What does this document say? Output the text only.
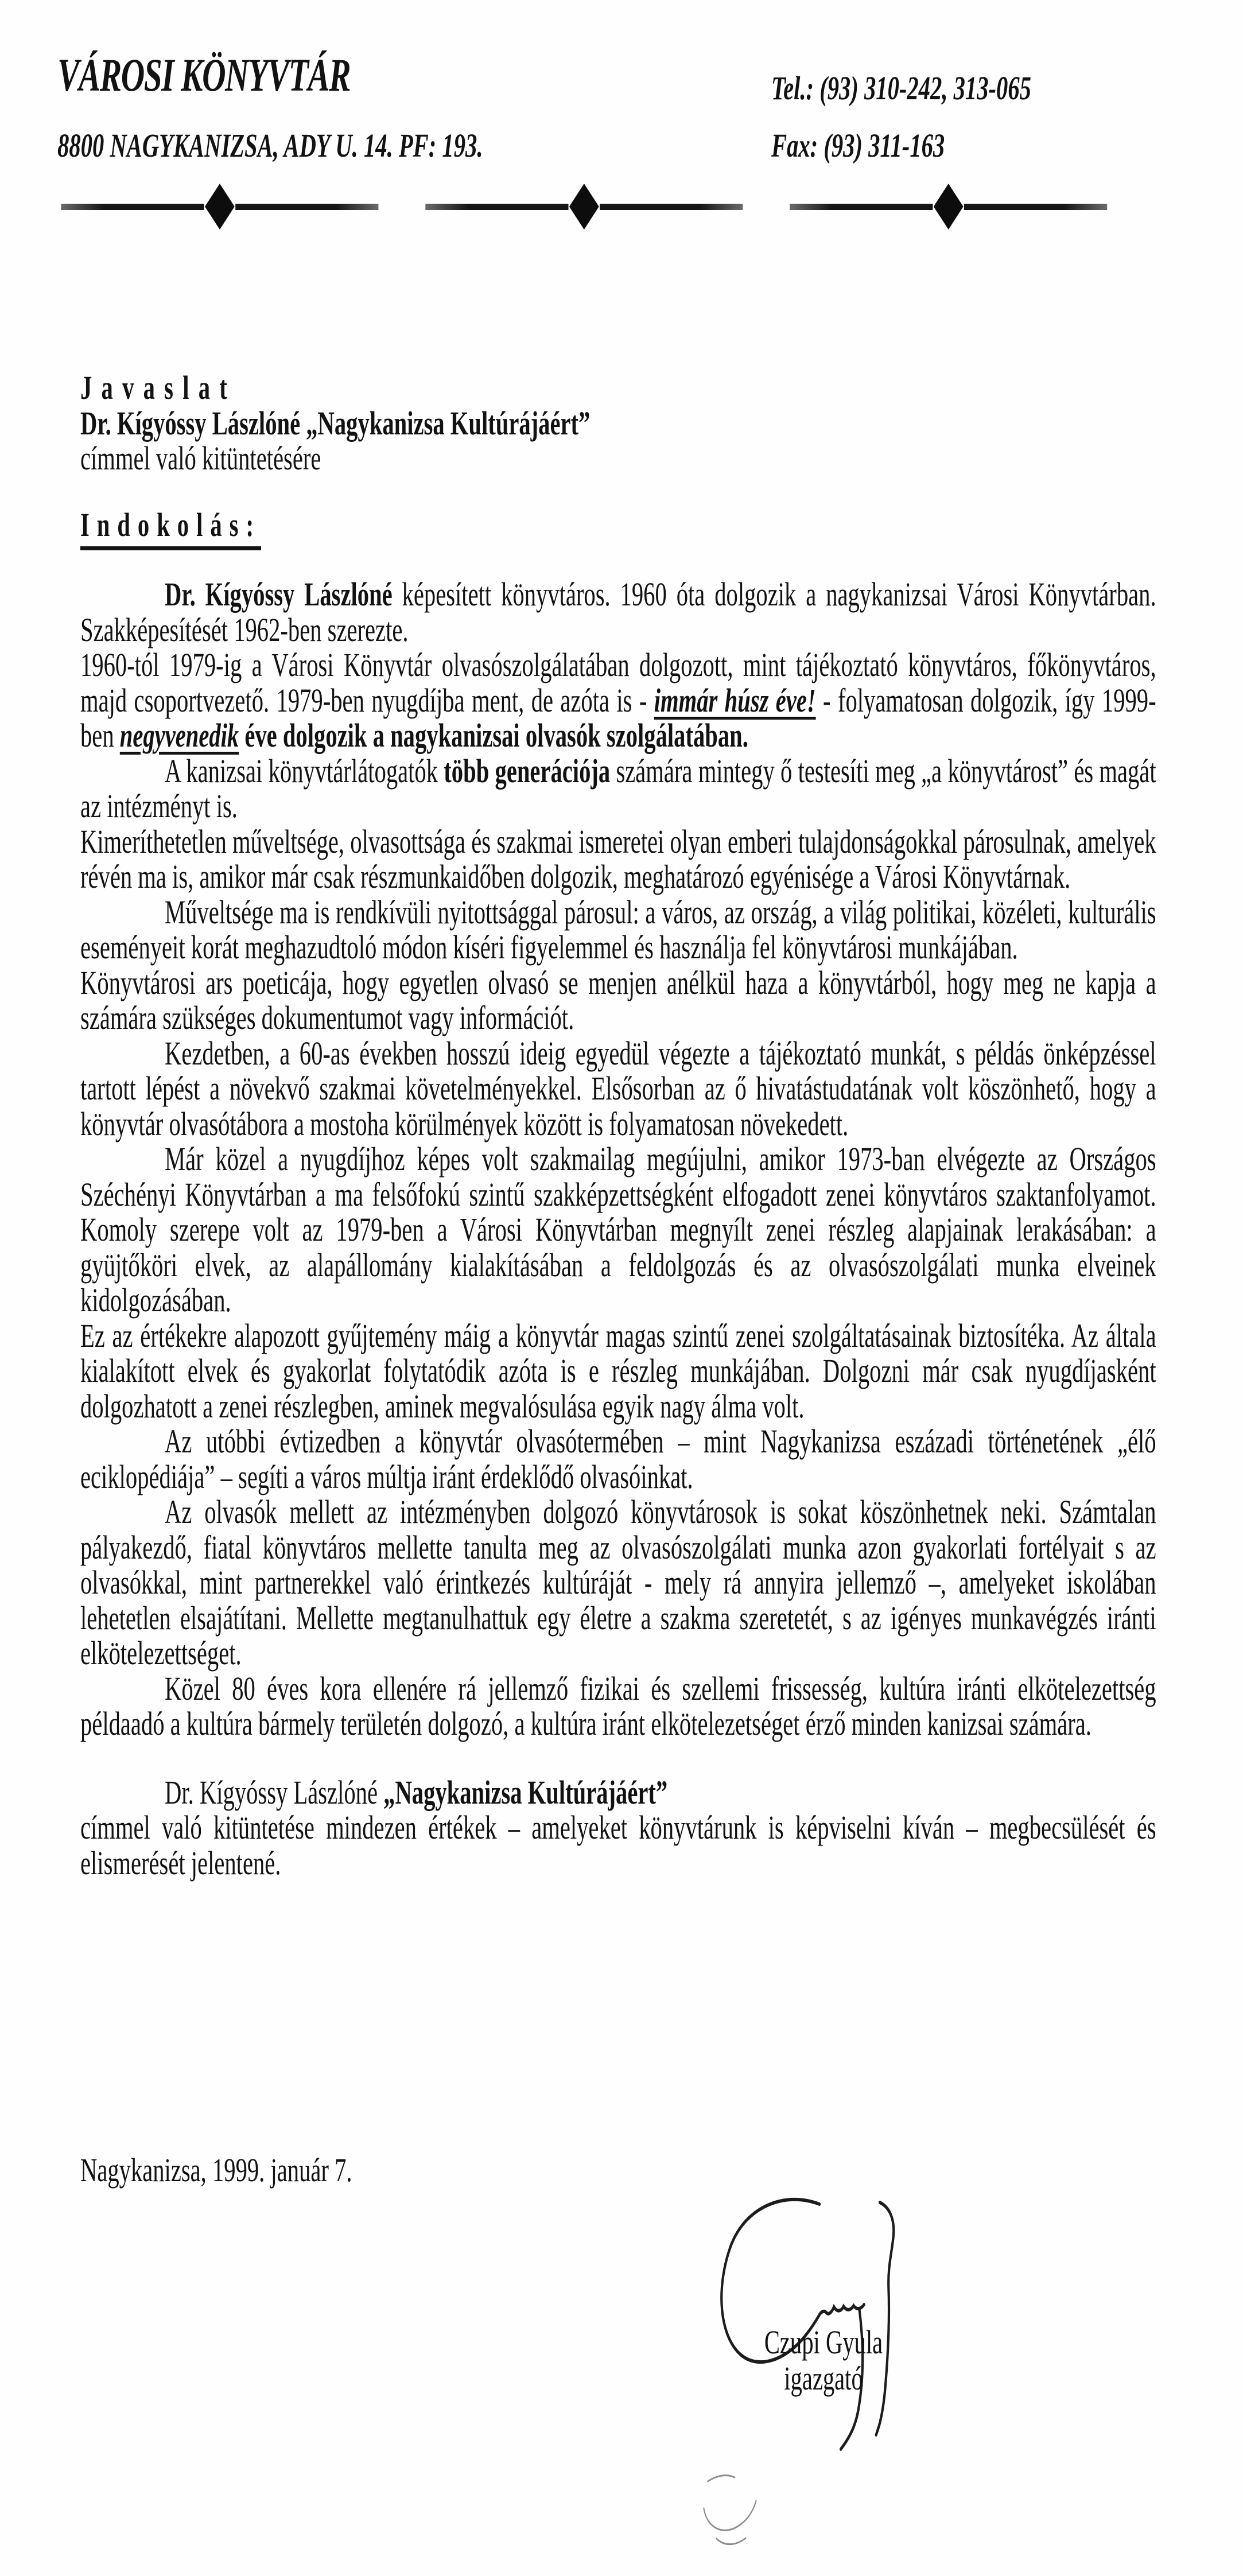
VÁROSI KÖNYVTÁR	Tel.: (93) 310-242, 313-065
8800 NAGYKANIZSA, ADY U. 14. PF: 193.	Fax: (93) 311-163
Javaslat
Dr. Kígyóssy Lászlóné „Nagykanizsa Kultúrájáért”
címmel való kitüntetésére
Indokolás:

Dr. Kígyóssy Lászlóné képesített könyvtáros. 1960 óta dolgozik a nagykanizsai Városi Könyvtárban. Szakképesítését 1962-ben szerezte.

1960-tól 1979-ig a Városi Könyvtár olvasószolgálatában dolgozott, mint tájékoztató könyvtáros, főkönyvtáros, majd csoportvezető. 1979-ben nyugdíjba ment, de azóta is - immár húsz éve! - folyamatosan dolgozik, így 1999-ben negyvenedik éve dolgozik a nagykanizsai olvasók szolgálatában.

A kanizsai könyvtárlátogatók több generációja számára mintegy ő testesíti meg „a könyvtárost” és magát az intézményt is.

Kimeríthetetlen műveltsége, olvasottsága és szakmai ismeretei olyan emberi tulajdonságokkal párosulnak, amelyek révén ma is, amikor már csak részmunkaidőben dolgozik, meghatározó egyénisége a Városi Könyvtárnak.

Műveltsége ma is rendkívüli nyitottsággal párosul: a város, az ország, a világ politikai, közéleti, kulturális eseményeit korát meghazudtoló módon kíséri figyelemmel és használja fel könyvtárosi munkájában.

Könyvtárosi ars poeticája, hogy egyetlen olvasó se menjen anélkül haza a könyvtárból, hogy meg ne kapja a számára szükséges dokumentumot vagy információt.

Kezdetben, a 60-as években hosszú ideig egyedül végezte a tájékoztató munkát, s példás önképzéssel tartott lépést a növekvő szakmai követelményekkel. Elsősorban az ő hivatástudatának volt köszönhető, hogy a könyvtár olvasótábora a mostoha körülmények között is folyamatosan növekedett.

Már közel a nyugdíjhoz képes volt szakmailag megújulni, amikor 1973-ban elvégezte az Országos Széchényi Könyvtárban a ma felsőfokú szintű szakképzettségként elfogadott zenei könyvtáros szaktanfolyamot. Komoly szerepe volt az 1979-ben a Városi Könyvtárban megnyílt zenei részleg alapjainak lerakásában: a gyüjtőköri elvek, az alapállomány kialakításában a feldolgozás és az olvasószolgálati munka elveinek kidolgozásában.

Ez az értékekre alapozott gyűjtemény máig a könyvtár magas szintű zenei szolgáltatásainak biztosítéka. Az általa kialakított elvek és gyakorlat folytatódik azóta is e részleg munkájában. Dolgozni már csak nyugdíjasként dolgozhatott a zenei részlegben, aminek megvalósulása egyik nagy álma volt.

Az utóbbi évtizedben a könyvtár olvasótermében – mint Nagykanizsa eszázadi történetének „élő eciklopédiája” – segíti a város múltja iránt érdeklődő olvasóinkat.

Az olvasók mellett az intézményben dolgozó könyvtárosok is sokat köszönhetnek neki. Számtalan pályakezdő, fiatal könyvtáros mellette tanulta meg az olvasószolgálati munka azon gyakorlati fortélyait s az olvasókkal, mint partnerekkel való érintkezés kultúráját - mely rá annyira jellemző –, amelyeket iskolában lehetetlen elsajátítani. Mellette megtanulhattuk egy életre a szakma szeretetét, s az igényes munkavégzés iránti elkötelezettséget.

Közel 80 éves kora ellenére rá jellemző fizikai és szellemi frissesség, kultúra iránti elkötelezettség példaadó a kultúra bármely területén dolgozó, a kultúra iránt elkötelezetséget érző minden kanizsai számára.

Dr. Kígyóssy Lászlóné „Nagykanizsa Kultúrájáért”

címmel való kitüntetése mindezen értékek – amelyeket könyvtárunk is képviselni kíván – megbecsülését és elismerését jelentené.

Nagykanizsa, 1999. január 7.
Czupi Gyula
igazgató
